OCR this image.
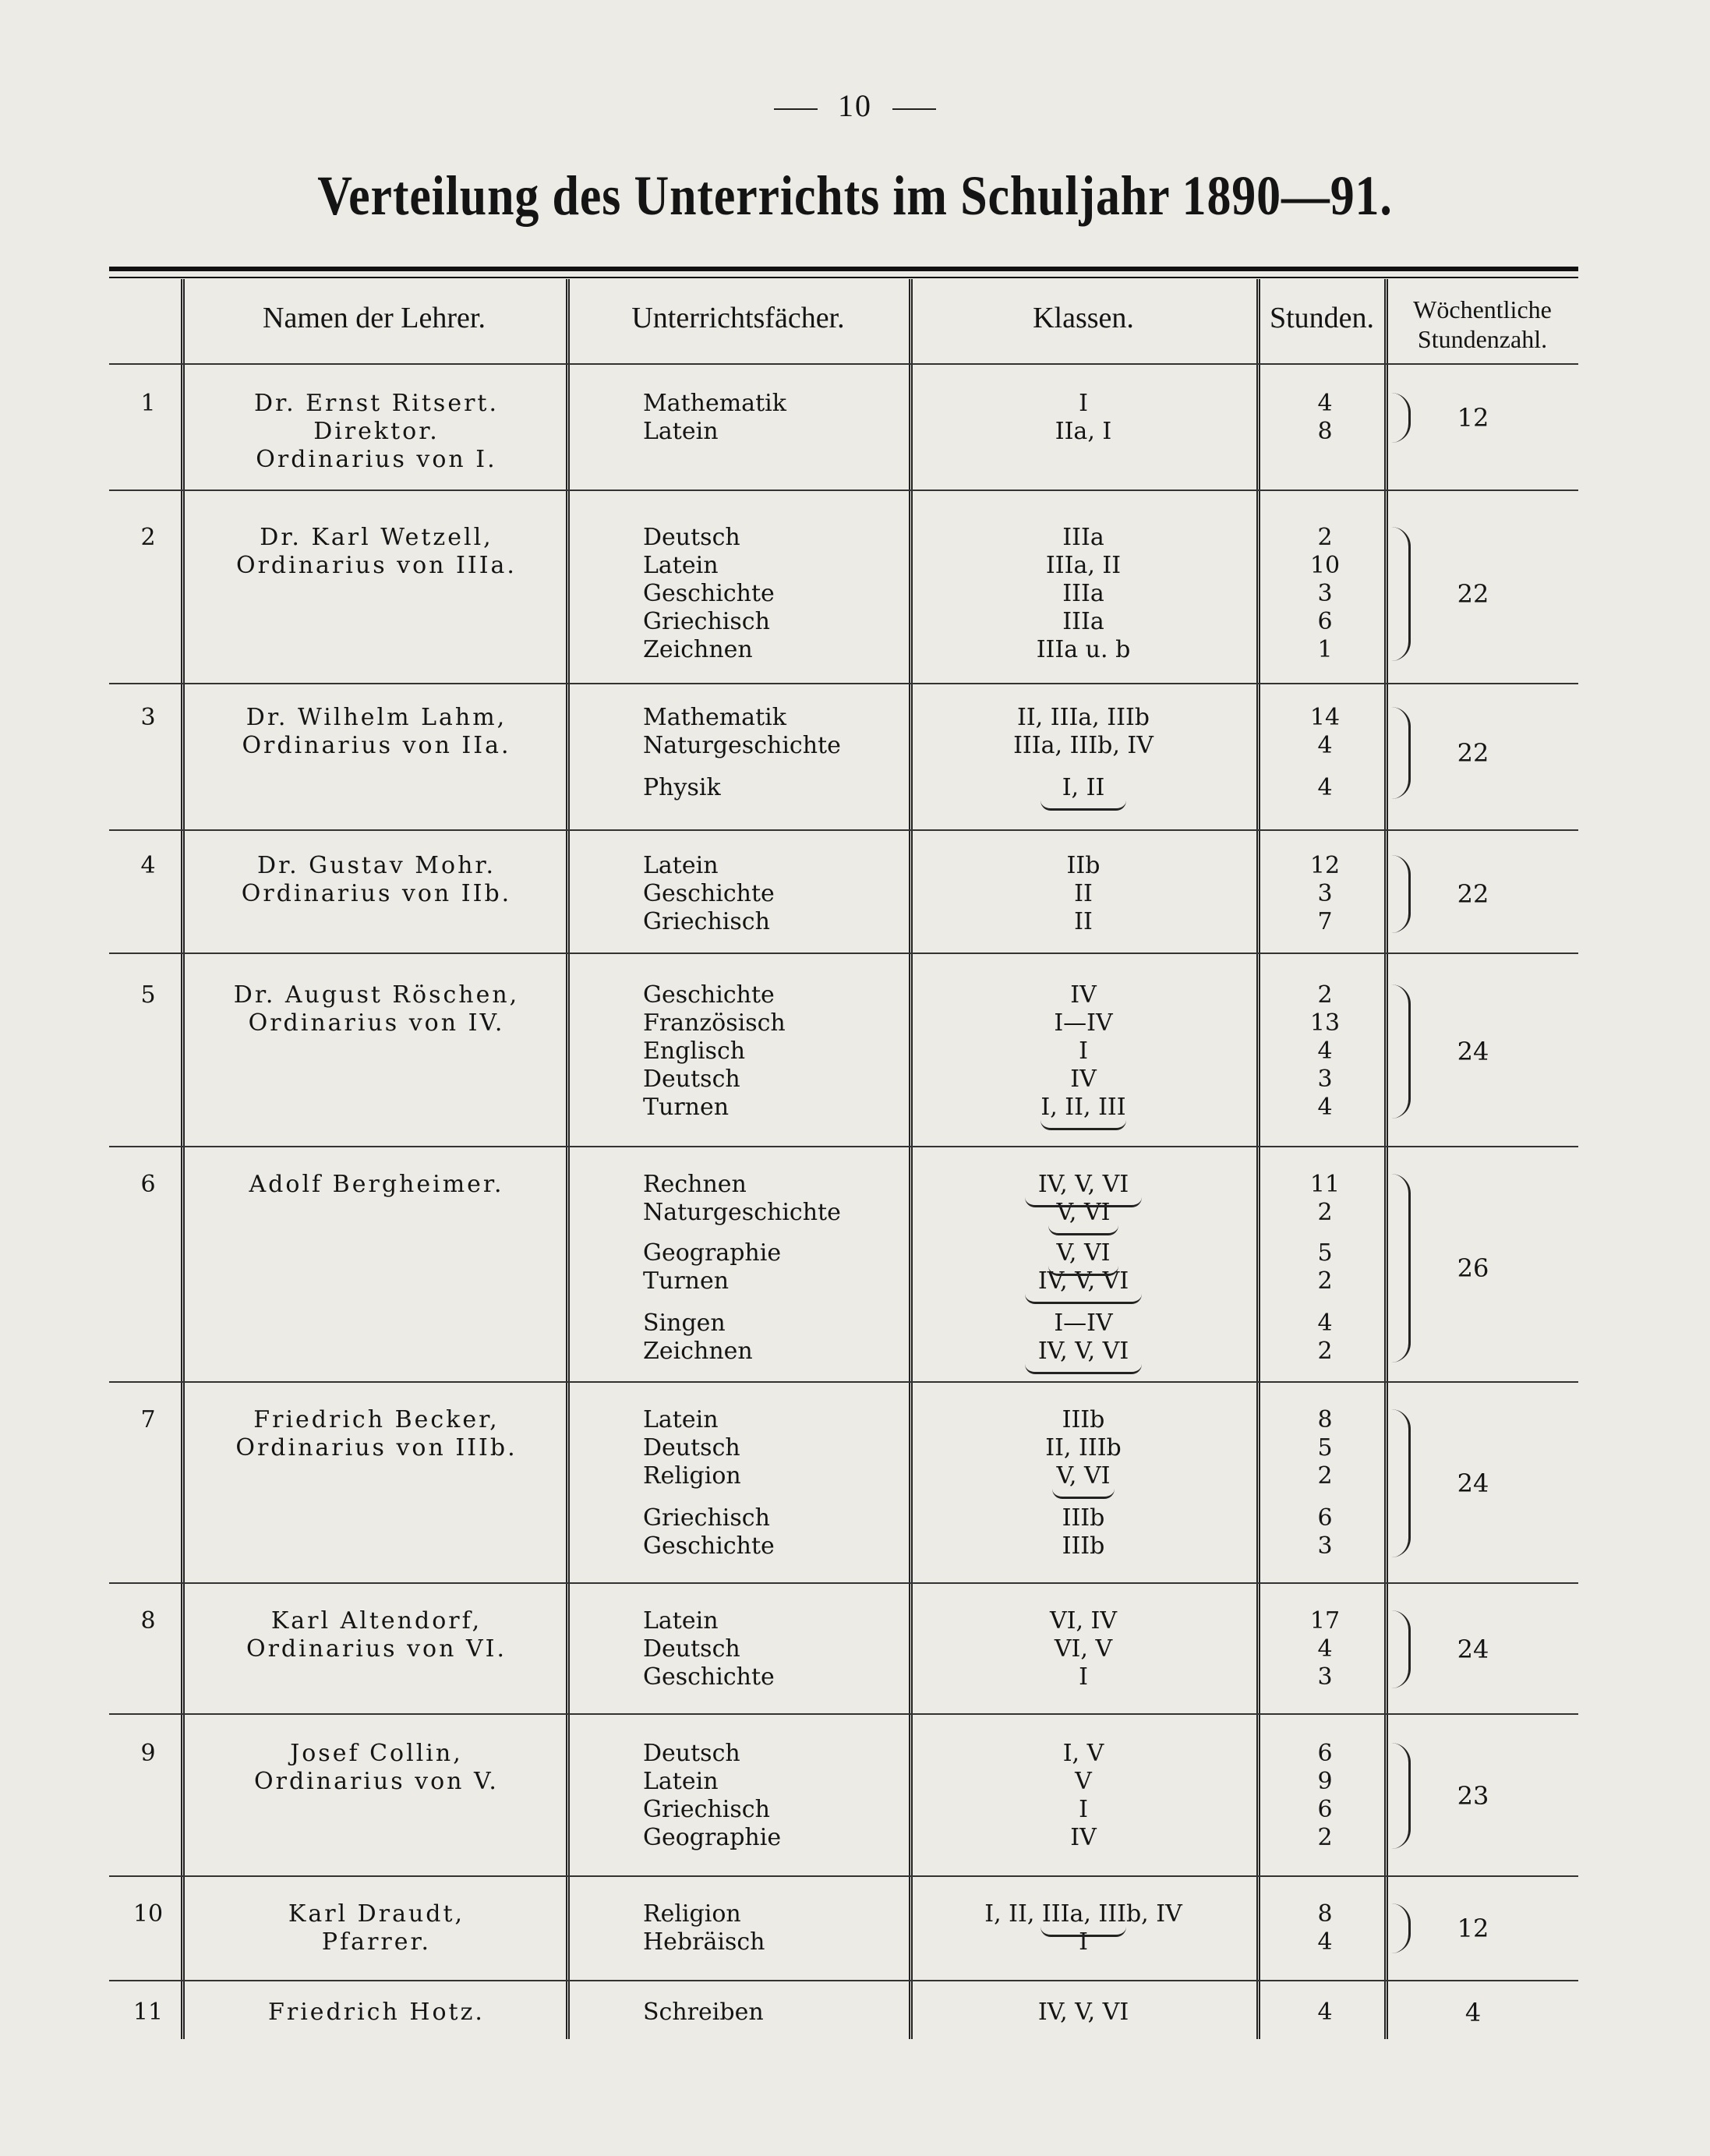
10
Verteilung des Unterrichts im Schuljahr 1890—91.
Namen der Lehrer.	Unterrichtsfächer.	Klassen.	Stunden.	Wöchentliche
Stundenzahl.
1	Dr. Ernst Ritsert.
Direktor.
Ordinarius von I.
Mathematik	I	4
Latein	IIa, I	8	12
2	Dr. Karl Wetzell,
Ordinarius von IIIa.
Deutsch	IIIa	2
Latein	IIIa, II	10
Geschichte	IIIa	3
Griechisch	IIIa	6
Zeichnen	IIIa u. b	1
22
3	Dr. Wilhelm Lahm,
Ordinarius von IIa.
Mathematik	II, IIIa, IIIb	14
Naturgeschichte	IIIa, IIIb, IV	4
Physik	I, II	4
22
4	Dr. Gustav Mohr.
Ordinarius von IIb.
Latein	IIb	12
Geschichte	II	3
Griechisch	II	7
22
5	Dr. August Röschen,
Ordinarius von IV.
Geschichte	IV	2
Französisch	I—IV	13
Englisch	I	4
Deutsch	IV	3
Turnen	I, II, III	4
24
6	Adolf Bergheimer.	Rechnen	IV, V, VI	11
Naturgeschichte	V, VI	2
Geographie	V, VI	5
Turnen	IV, V, VI	2
Singen	I—IV	4
Zeichnen	IV, V, VI	2
26
7	Friedrich Becker,
Ordinarius von IIIb.
Latein	IIIb	8
Deutsch	II, IIIb	5
Religion	V, VI	2
Griechisch	IIIb	6
Geschichte	IIIb	3
24
8	Karl Altendorf,
Ordinarius von VI.
Latein	VI, IV	17
Deutsch	VI, V	4
Geschichte	I	3
24
9	Josef Collin,
Ordinarius von V.
Deutsch	I, V	6
Latein	V	9
Griechisch	I	6
Geographie	IV	2
23
10	Karl Draudt,
Pfarrer.
Religion	I, II, IIIa, IIIb, IV	8
Hebräisch	I	4	12
11	Friedrich Hotz.	Schreiben	IV, V, VI	4	4
